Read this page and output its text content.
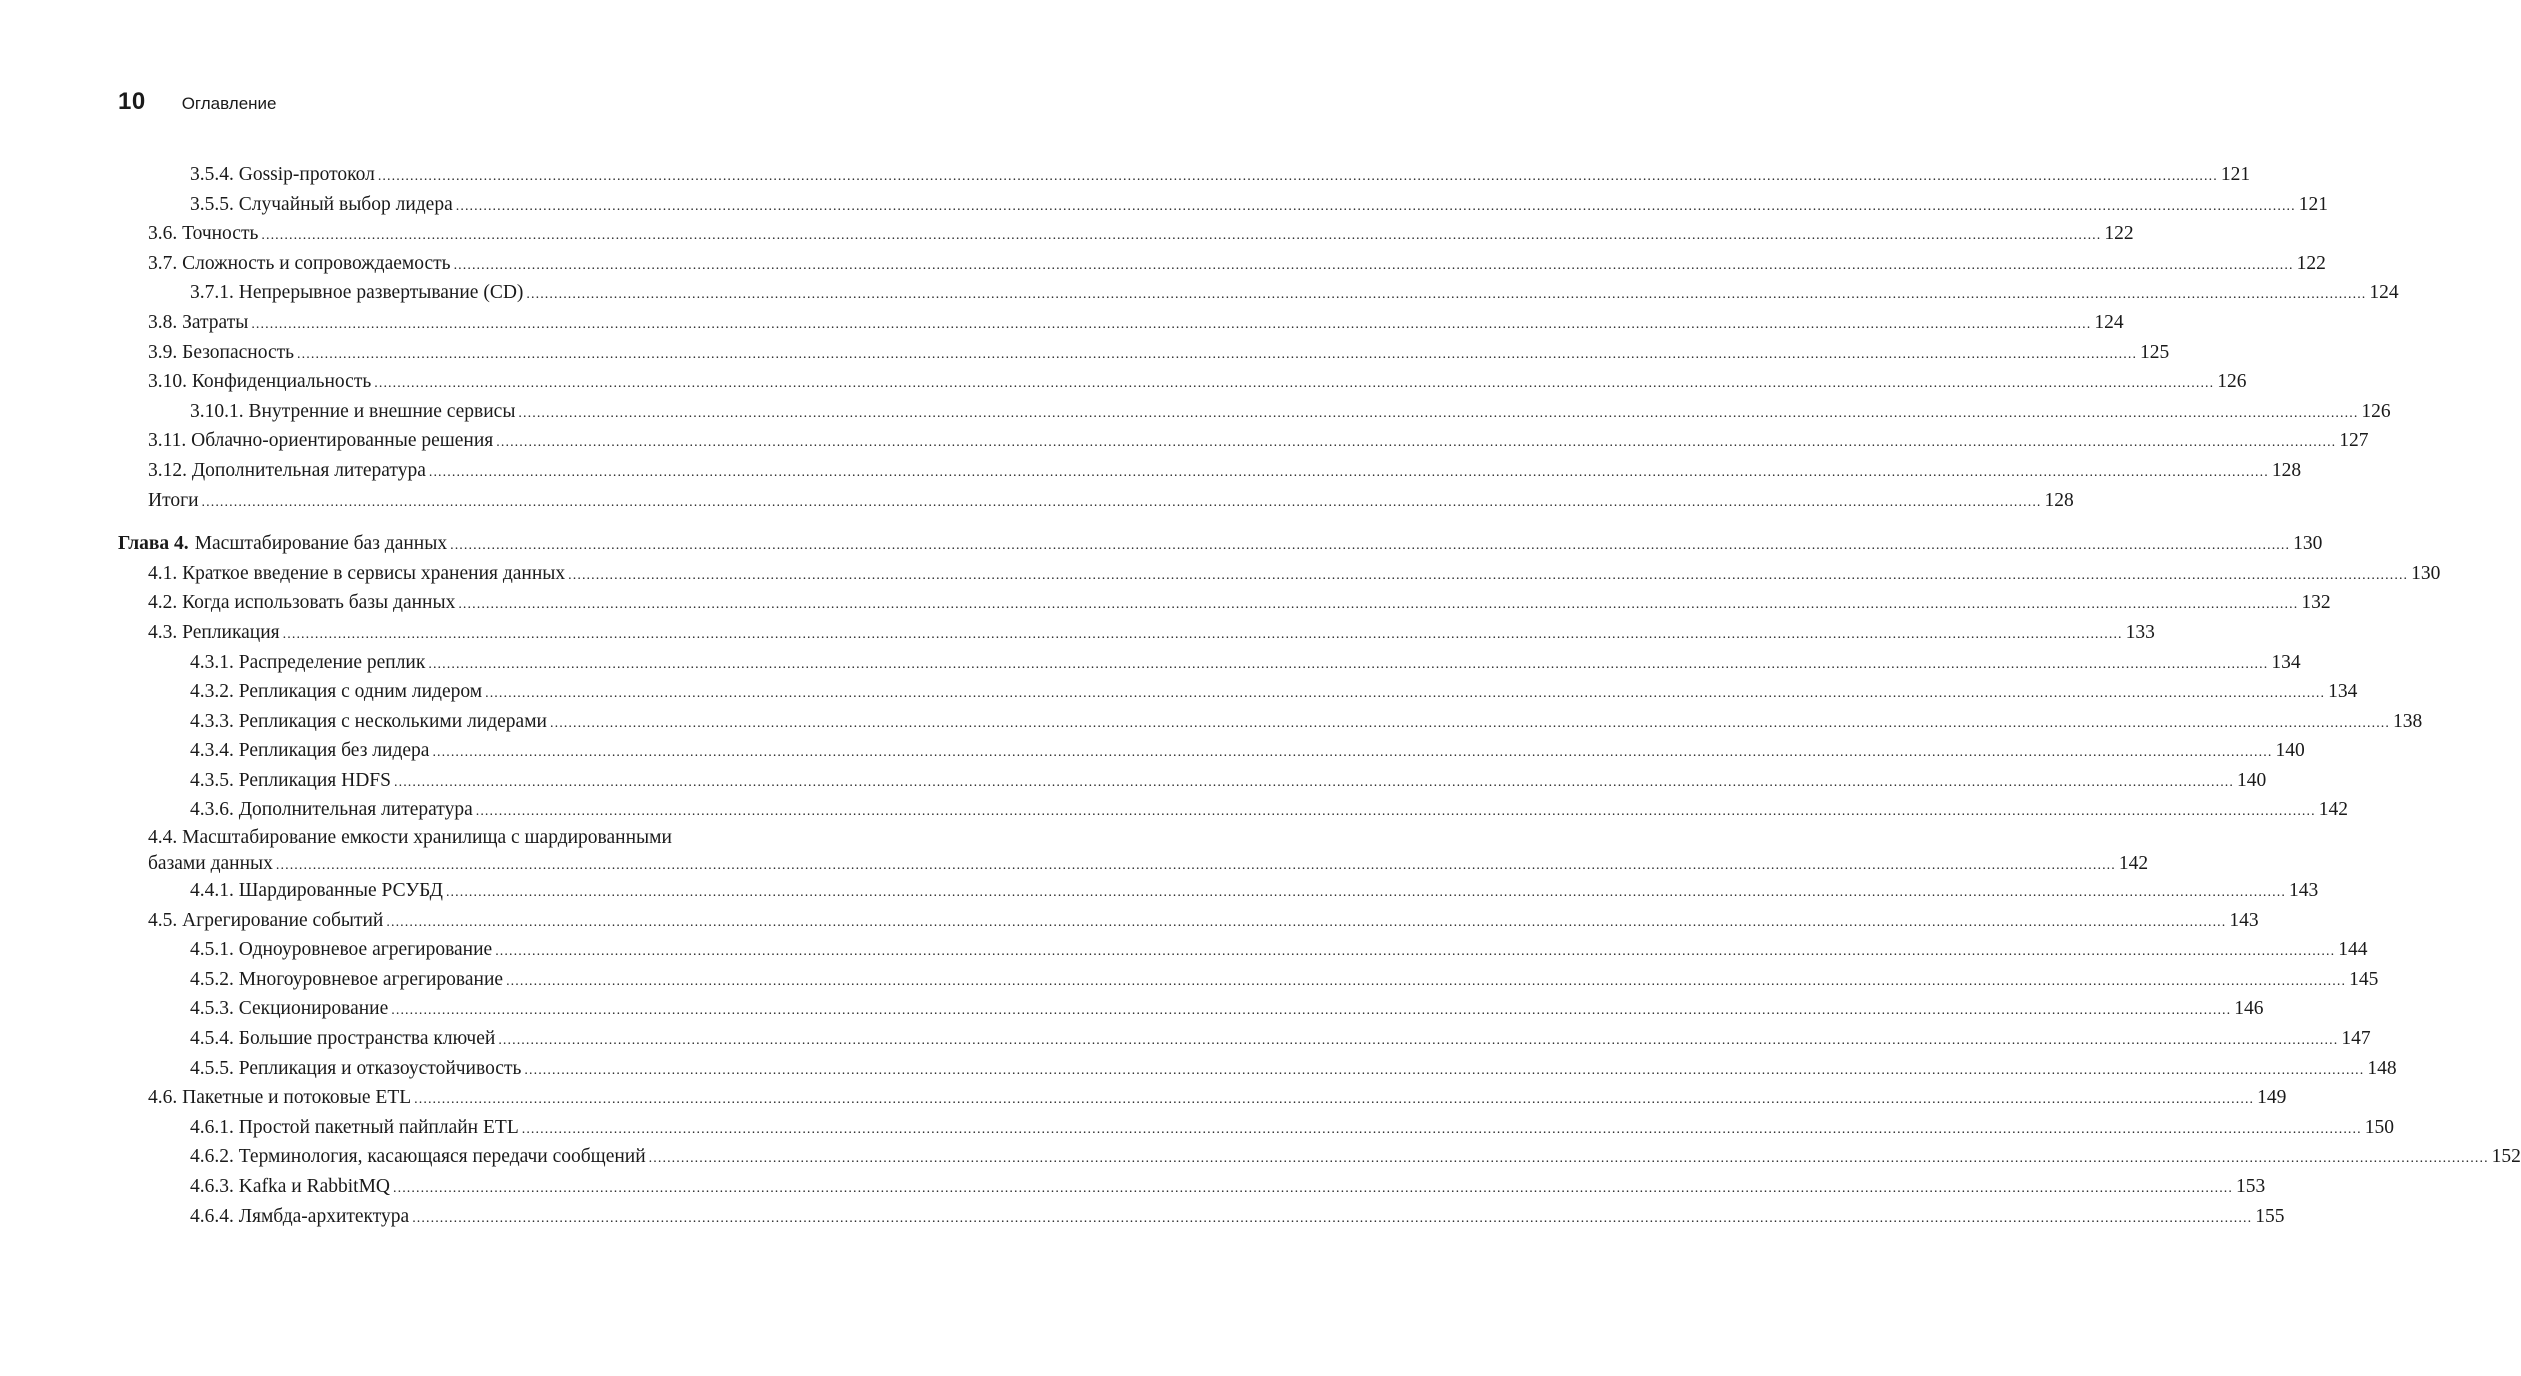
10 Оглавление
3.5.4. Gossip-протокол ................................................................................................................................................................................................................................................................................................................................................................................................................ 121
3.5.5. Случайный выбор лидера ................................................................................................................................................................................................................................................................................................................................................................................................................ 121
3.6. Точность ................................................................................................................................................................................................................................................................................................................................................................................................................ 122
3.7. Сложность и сопровождаемость ................................................................................................................................................................................................................................................................................................................................................................................................................ 122
3.7.1. Непрерывное развертывание (CD) ................................................................................................................................................................................................................................................................................................................................................................................................................ 124
3.8. Затраты ................................................................................................................................................................................................................................................................................................................................................................................................................ 124
3.9. Безопасность ................................................................................................................................................................................................................................................................................................................................................................................................................ 125
3.10. Конфиденциальность ................................................................................................................................................................................................................................................................................................................................................................................................................ 126
3.10.1. Внутренние и внешние сервисы ................................................................................................................................................................................................................................................................................................................................................................................................................ 126
3.11. Облачно-ориентированные решения ................................................................................................................................................................................................................................................................................................................................................................................................................ 127
3.12. Дополнительная литература ................................................................................................................................................................................................................................................................................................................................................................................................................ 128
Итоги ................................................................................................................................................................................................................................................................................................................................................................................................................ 128
Глава 4. Масштабирование баз данных ................................................................................................................................................................................................................................................................................................................................................................................................................ 130
4.1. Краткое введение в сервисы хранения данных ................................................................................................................................................................................................................................................................................................................................................................................................................ 130
4.2. Когда использовать базы данных ................................................................................................................................................................................................................................................................................................................................................................................................................ 132
4.3. Репликация ................................................................................................................................................................................................................................................................................................................................................................................................................ 133
4.3.1. Распределение реплик ................................................................................................................................................................................................................................................................................................................................................................................................................ 134
4.3.2. Репликация с одним лидером ................................................................................................................................................................................................................................................................................................................................................................................................................ 134
4.3.3. Репликация с несколькими лидерами ................................................................................................................................................................................................................................................................................................................................................................................................................ 138
4.3.4. Репликация без лидера ................................................................................................................................................................................................................................................................................................................................................................................................................ 140
4.3.5. Репликация HDFS ................................................................................................................................................................................................................................................................................................................................................................................................................ 140
4.3.6. Дополнительная литература ................................................................................................................................................................................................................................................................................................................................................................................................................ 142
4.4. Масштабирование емкости хранилища с шардированными
базами данных ................................................................................................................................................................................................................................................................................................................................................................................................................ 142
4.4.1. Шардированные РСУБД ................................................................................................................................................................................................................................................................................................................................................................................................................ 143
4.5. Агрегирование событий ................................................................................................................................................................................................................................................................................................................................................................................................................ 143
4.5.1. Одноуровневое агрегирование ................................................................................................................................................................................................................................................................................................................................................................................................................ 144
4.5.2. Многоуровневое агрегирование ................................................................................................................................................................................................................................................................................................................................................................................................................ 145
4.5.3. Секционирование ................................................................................................................................................................................................................................................................................................................................................................................................................ 146
4.5.4. Большие пространства ключей ................................................................................................................................................................................................................................................................................................................................................................................................................ 147
4.5.5. Репликация и отказоустойчивость ................................................................................................................................................................................................................................................................................................................................................................................................................ 148
4.6. Пакетные и потоковые ETL ................................................................................................................................................................................................................................................................................................................................................................................................................ 149
4.6.1. Простой пакетный пайплайн ETL ................................................................................................................................................................................................................................................................................................................................................................................................................ 150
4.6.2. Терминология, касающаяся передачи сообщений ................................................................................................................................................................................................................................................................................................................................................................................................................ 152
4.6.3. Kafka и RabbitMQ ................................................................................................................................................................................................................................................................................................................................................................................................................ 153
4.6.4. Лямбда-архитектура ................................................................................................................................................................................................................................................................................................................................................................................................................ 155
